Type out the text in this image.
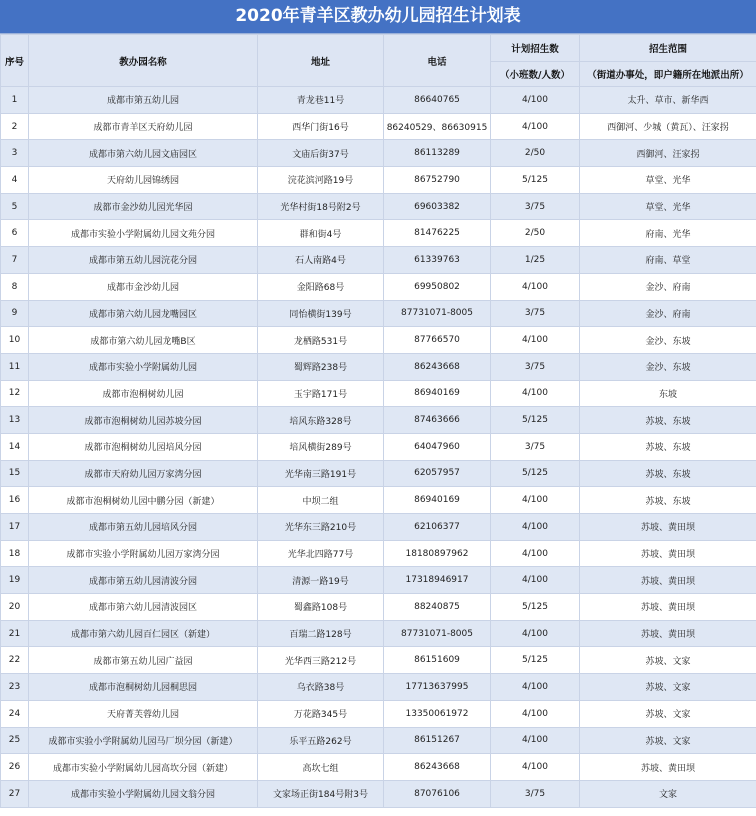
2020年青羊区教办幼儿园招生计划表
序号	教办园名称	地址	电话	计划招生数	招生范围
				（小班数/人数）	（街道办事处，即户籍所在地派出所）
1	成都市第五幼儿园	青龙巷11号	86640765	4/100	太升、草市、新华西
2	成都市青羊区天府幼儿园	西华门街16号	86240529、86630915	4/100	西御河、少城（黄瓦）、汪家拐
3	成都市第六幼儿园文庙园区	文庙后街37号	86113289	2/50	西御河、汪家拐
4	天府幼儿园锦绣园	浣花滨河路19号	86752790	5/125	草堂、光华
5	成都市金沙幼儿园光华园	光华村街18号附2号	69603382	3/75	草堂、光华
6	成都市实验小学附属幼儿园文苑分园	群和街4号	81476225	2/50	府南、光华
7	成都市第五幼儿园浣花分园	石人南路4号	61339763	1/25	府南、草堂
8	成都市金沙幼儿园	金阳路68号	69950802	4/100	金沙、府南
9	成都市第六幼儿园龙嘴园区	同怡横街139号	87731071-8005	3/75	金沙、府南
10	成都市第六幼儿园龙嘴B区	龙栖路531号	87766570	4/100	金沙、东坡
11	成都市实验小学附属幼儿园	蜀辉路238号	86243668	3/75	金沙、东坡
12	成都市泡桐树幼儿园	玉宇路171号	86940169	4/100	东坡
13	成都市泡桐树幼儿园苏坡分园	培风东路328号	87463666	5/125	苏坡、东坡
14	成都市泡桐树幼儿园培风分园	培风横街289号	64047960	3/75	苏坡、东坡
15	成都市天府幼儿园万家湾分园	光华南三路191号	62057957	5/125	苏坡、东坡
16	成都市泡桐树幼儿园中鹏分园（新建）	中坝二组	86940169	4/100	苏坡、东坡
17	成都市第五幼儿园培风分园	光华东三路210号	62106377	4/100	苏坡、黄田坝
18	成都市实验小学附属幼儿园万家湾分园	光华北四路77号	18180897962	4/100	苏坡、黄田坝
19	成都市第五幼儿园清波分园	清源一路19号	17318946917	4/100	苏坡、黄田坝
20	成都市第六幼儿园清波园区	蜀鑫路108号	88240875	5/125	苏坡、黄田坝
21	成都市第六幼儿园百仁园区（新建）	百瑞二路128号	87731071-8005	4/100	苏坡、黄田坝
22	成都市第五幼儿园广益园	光华西三路212号	86151609	5/125	苏坡、文家
23	成都市泡桐树幼儿园桐思园	乌衣路38号	17713637995	4/100	苏坡、文家
24	天府菁芙蓉幼儿园	万花路345号	13350061972	4/100	苏坡、文家
25	成都市实验小学附属幼儿园马厂坝分园（新建）	乐平五路262号	86151267	4/100	苏坡、文家
26	成都市实验小学附属幼儿园高坎分园（新建）	高坎七组	86243668	4/100	苏坡、黄田坝
27	成都市实验小学附属幼儿园文翁分园	文家场正街184号附3号	87076106	3/75	文家
